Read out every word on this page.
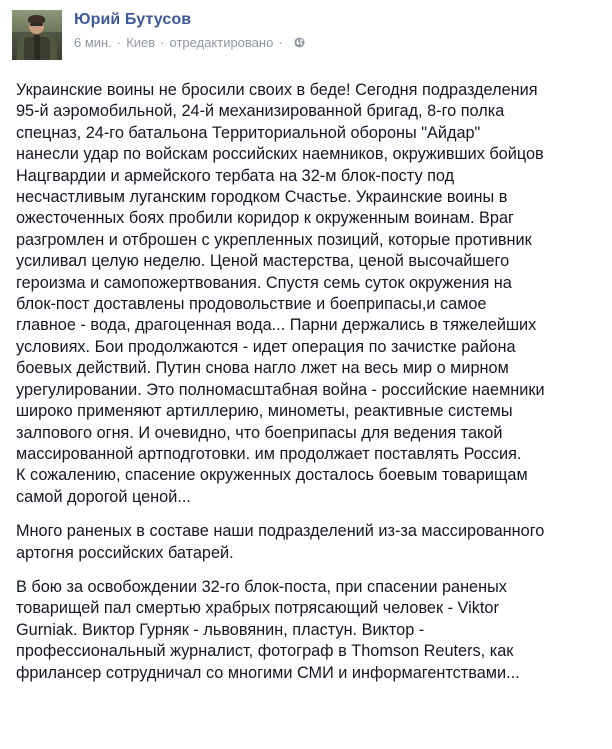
Юрий Бутусов
6 мин. · Киев · отредактировано ·

Украинские воины не бросили своих в беде! Сегодня подразделения
95-й аэромобильной, 24-й механизированной бригад, 8-го полка
спецназ, 24-го батальона Территориальной обороны "Айдар"
нанесли удар по войскам российских наемников, окруживших бойцов
Нацгвардии и армейского тербата на 32-м блок-посту под
несчастливым луганским городком Счастье. Украинские воины в
ожесточенных боях пробили коридор к окруженным воинам. Враг
разгромлен и отброшен с укрепленных позиций, которые противник
усиливал целую неделю. Ценой мастерства, ценой высочайшего
героизма и самопожертвования. Спустя семь суток окружения на
блок-пост доставлены продовольствие и боеприпасы,и самое
главное - вода, драгоценная вода... Парни держались в тяжелейших
условиях. Бои продолжаются - идет операция по зачистке района
боевых действий. Путин снова нагло лжет на весь мир о мирном
урегулировании. Это полномасштабная война - российские наемники
широко применяют артиллерию, минометы, реактивные системы
залпового огня. И очевидно, что боеприпасы для ведения такой
массированной артподготовки. им продолжает поставлять Россия.
К сожалению, спасение окруженных досталось боевым товарищам
самой дорогой ценой...

Много раненых в составе наши подразделений из-за массированного
артогня российских батарей.

В бою за освобождении 32-го блок-поста, при спасении раненых
товарищей пал смертью храбрых потрясающий человек - Viktor
Gurniak. Виктор Гурняк - львовянин, пластун. Виктор -
профессиональный журналист, фотограф в Thomson Reuters, как
фрилансер сотрудничал со многими СМИ и информагентствами...
